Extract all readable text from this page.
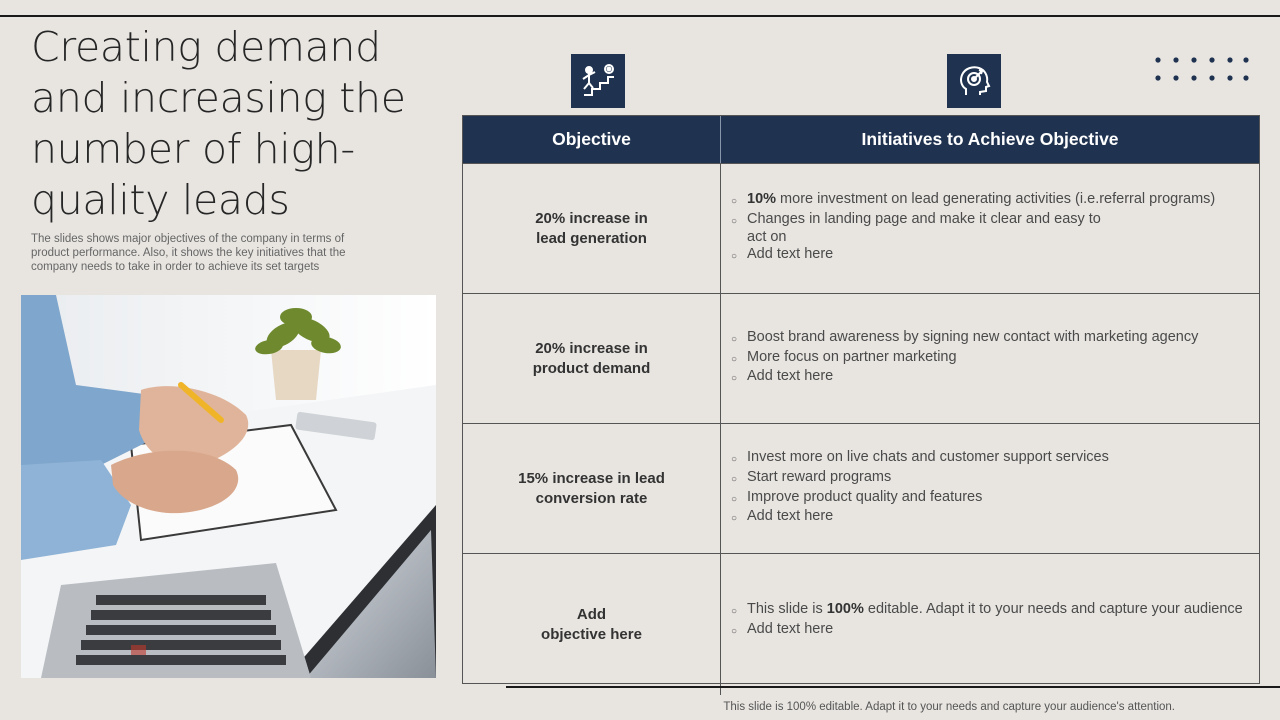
Creating demand and increasing the number of high-quality leads

The slides shows major objectives of the company in terms of product performance. Also, it shows the key initiatives that the company needs to take in order to achieve its set targets

Objective	Initiatives to Achieve Objective
20% increase in
lead generation
○ 10% more investment on lead generating activities (i.e.referral programs)
○ Changes in landing page and make it clear and easy to act on
○ Add text here
20% increase in
product demand
○ Boost brand awareness by signing new contact with marketing agency
○ More focus on partner marketing
○ Add text here
15% increase in lead
conversion rate
○ Invest more on live chats and customer support services
○ Start reward programs
○ Improve product quality and features
○ Add text here
Add
objective here
○ This slide is 100% editable. Adapt it to your needs and capture your audience
○ Add text here
This slide is 100% editable. Adapt it to your needs and capture your audience's attention.
